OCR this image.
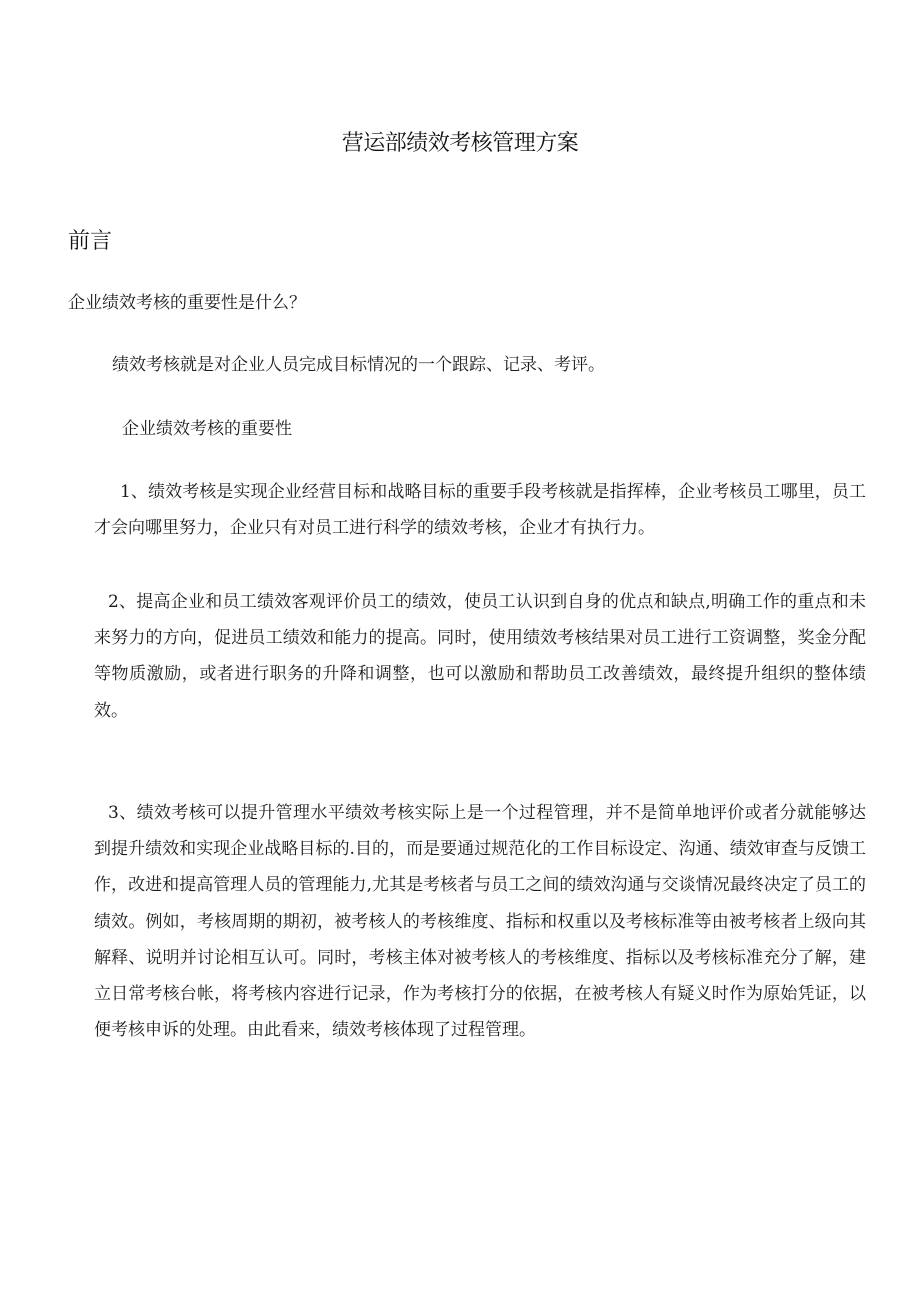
营运部绩效考核管理方案
前言
企业绩效考核的重要性是什么？
绩效考核就是对企业人员完成目标情况的一个跟踪、记录、考评。
企业绩效考核的重要性
1、绩效考核是实现企业经营目标和战略目标的重要手段考核就是指挥棒，企业考核员工哪里，员工才会向哪里努力，企业只有对员工进行科学的绩效考核，企业才有执行力。
2、提高企业和员工绩效客观评价员工的绩效，使员工认识到自身的优点和缺点,明确工作的重点和未来努力的方向，促进员工绩效和能力的提高。同时，使用绩效考核结果对员工进行工资调整，奖金分配等物质激励，或者进行职务的升降和调整，也可以激励和帮助员工改善绩效，最终提升组织的整体绩效。
3、绩效考核可以提升管理水平绩效考核实际上是一个过程管理，并不是简单地评价或者分就能够达到提升绩效和实现企业战略目标的.目的，而是要通过规范化的工作目标设定、沟通、绩效审查与反馈工作，改进和提高管理人员的管理能力,尤其是考核者与员工之间的绩效沟通与交谈情况最终决定了员工的绩效。例如，考核周期的期初，被考核人的考核维度、指标和权重以及考核标准等由被考核者上级向其解释、说明并讨论相互认可。同时，考核主体对被考核人的考核维度、指标以及考核标准充分了解，建立日常考核台帐，将考核内容进行记录，作为考核打分的依据，在被考核人有疑义时作为原始凭证，以便考核申诉的处理。由此看来，绩效考核体现了过程管理。
